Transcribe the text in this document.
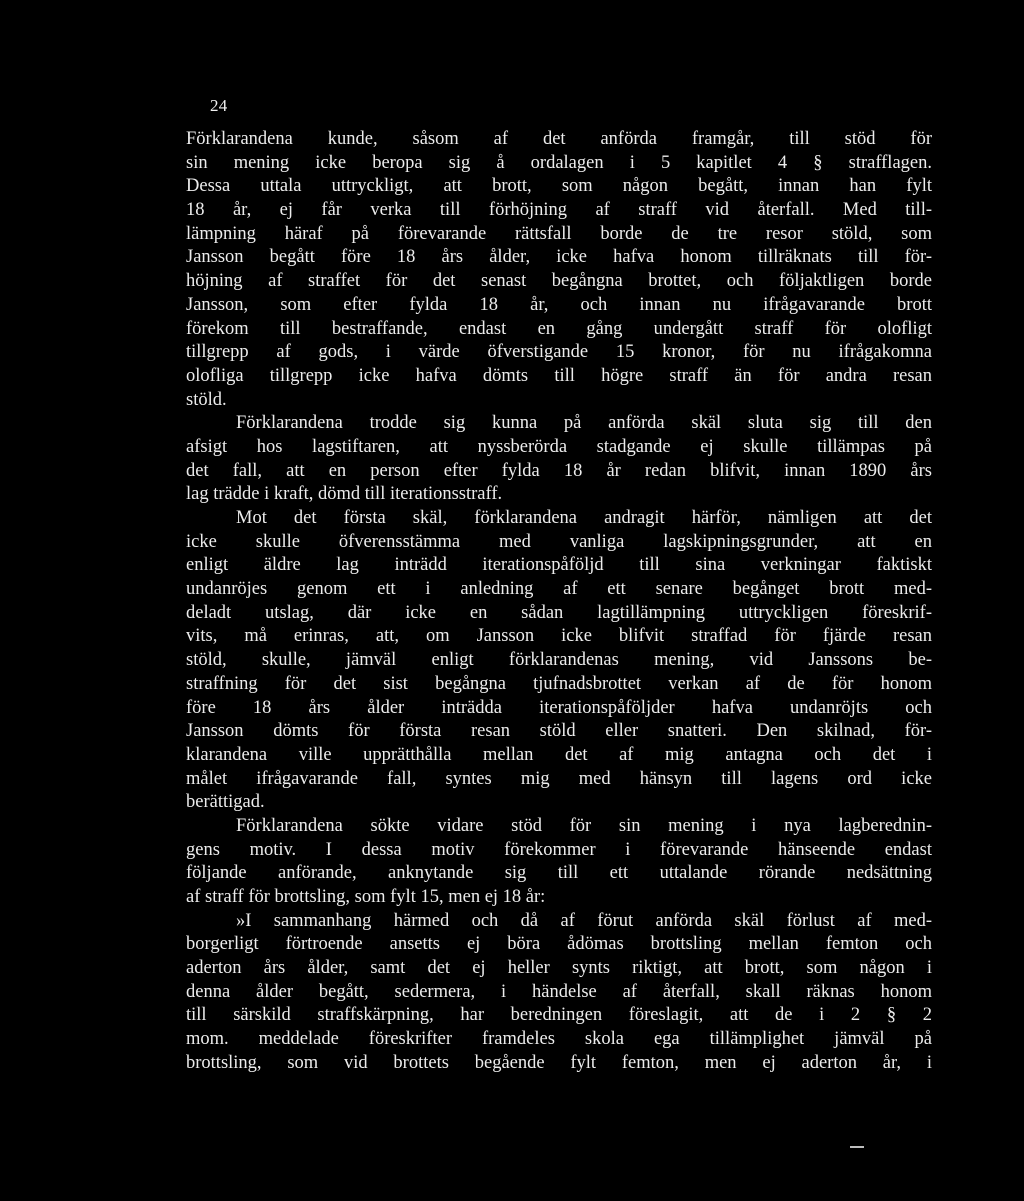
24
Förklarandena kunde, såsom af det anförda framgår, till stöd för
sin mening icke beropa sig å ordalagen i 5 kapitlet 4 § strafflagen.
Dessa uttala uttryckligt, att brott, som någon begått, innan han fylt
18 år, ej får verka till förhöjning af straff vid återfall. Med till-
lämpning häraf på förevarande rättsfall borde de tre resor stöld, som
Jansson begått före 18 års ålder, icke hafva honom tillräknats till för-
höjning af straffet för det senast begångna brottet, och följaktligen borde
Jansson, som efter fylda 18 år, och innan nu ifrågavarande brott
förekom till bestraffande, endast en gång undergått straff för olofligt
tillgrepp af gods, i värde öfverstigande 15 kronor, för nu ifrågakomna
olofliga tillgrepp icke hafva dömts till högre straff än för andra resan
stöld.
Förklarandena trodde sig kunna på anförda skäl sluta sig till den
afsigt hos lagstiftaren, att nyssberörda stadgande ej skulle tillämpas på
det fall, att en person efter fylda 18 år redan blifvit, innan 1890 års
lag trädde i kraft, dömd till iterationsstraff.
Mot det första skäl, förklarandena andragit härför, nämligen att det
icke skulle öfverensstämma med vanliga lagskipningsgrunder, att en
enligt äldre lag inträdd iterationspåföljd till sina verkningar faktiskt
undanröjes genom ett i anledning af ett senare begånget brott med-
deladt utslag, där icke en sådan lagtillämpning uttryckligen föreskrif-
vits, må erinras, att, om Jansson icke blifvit straffad för fjärde resan
stöld, skulle, jämväl enligt förklarandenas mening, vid Janssons be-
straffning för det sist begångna tjufnadsbrottet verkan af de för honom
före 18 års ålder inträdda iterationspåföljder hafva undanröjts och
Jansson dömts för första resan stöld eller snatteri. Den skilnad, för-
klarandena ville upprätthålla mellan det af mig antagna och det i
målet ifrågavarande fall, syntes mig med hänsyn till lagens ord icke
berättigad.
Förklarandena sökte vidare stöd för sin mening i nya lagberednin-
gens motiv. I dessa motiv förekommer i förevarande hänseende endast
följande anförande, anknytande sig till ett uttalande rörande nedsättning
af straff för brottsling, som fylt 15, men ej 18 år:
»I sammanhang härmed och då af förut anförda skäl förlust af med-
borgerligt förtroende ansetts ej böra ådömas brottsling mellan femton och
aderton års ålder, samt det ej heller synts riktigt, att brott, som någon i
denna ålder begått, sedermera, i händelse af återfall, skall räknas honom
till särskild straffskärpning, har beredningen föreslagit, att de i 2 § 2
mom. meddelade föreskrifter framdeles skola ega tillämplighet jämväl på
brottsling, som vid brottets begående fylt femton, men ej aderton år, i
